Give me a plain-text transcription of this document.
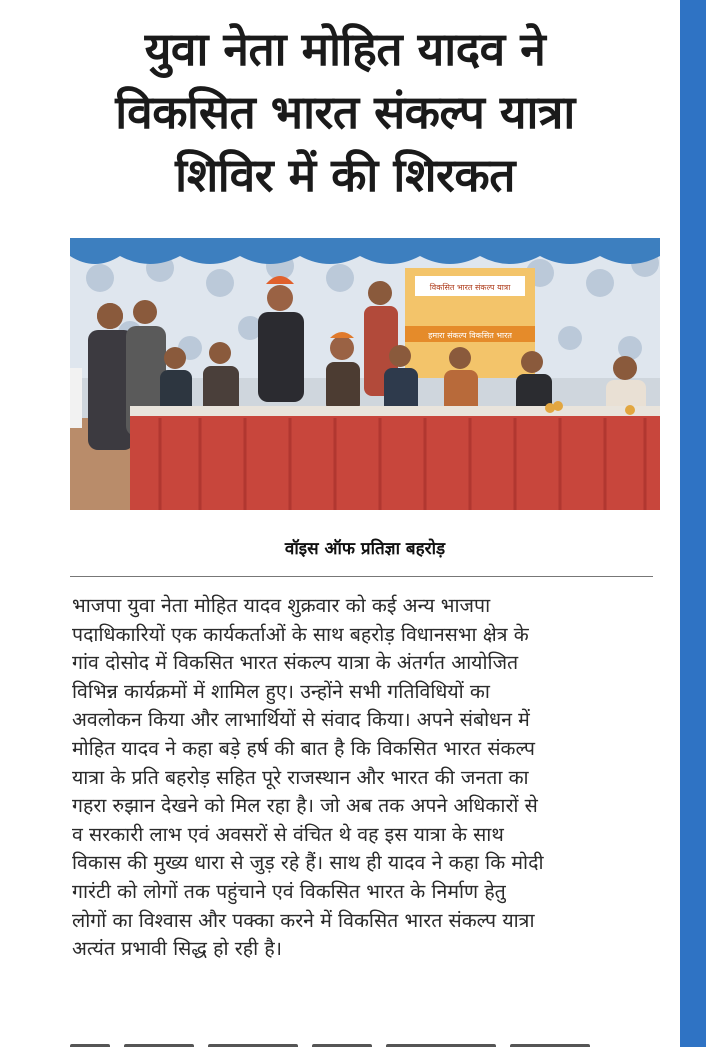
युवा नेता मोहित यादव ने
विकसित भारत संकल्प यात्रा
शिविर में की शिरकत
विकसित भारत संकल्प यात्रा
हमारा संकल्प विकसित भारत
वॉइस ऑफ प्रतिज्ञा बहरोड़
भाजपा युवा नेता मोहित यादव शुक्रवार को कई अन्य भाजपा
पदाधिकारियों एक कार्यकर्ताओं के साथ बहरोड़ विधानसभा क्षेत्र के
गांव दोसोद में विकसित भारत संकल्प यात्रा के अंतर्गत आयोजित
विभिन्न कार्यक्रमों में शामिल हुए। उन्होंने सभी गतिविधियों का
अवलोकन किया और लाभार्थियों से संवाद किया। अपने संबोधन में
मोहित यादव ने कहा बड़े हर्ष की बात है कि विकसित भारत संकल्प
यात्रा के प्रति बहरोड़ सहित पूरे राजस्थान और भारत की जनता का
गहरा रुझान देखने को मिल रहा है। जो अब तक अपने अधिकारों से
व सरकारी लाभ एवं अवसरों से वंचित थे वह इस यात्रा के साथ
विकास की मुख्य धारा से जुड़ रहे हैं। साथ ही यादव ने कहा कि मोदी
गारंटी को लोगों तक पहुंचाने एवं विकसित भारत के निर्माण हेतु
लोगों का विश्वास और पक्का करने में विकसित भारत संकल्प यात्रा
अत्यंत प्रभावी सिद्ध हो रही है।
